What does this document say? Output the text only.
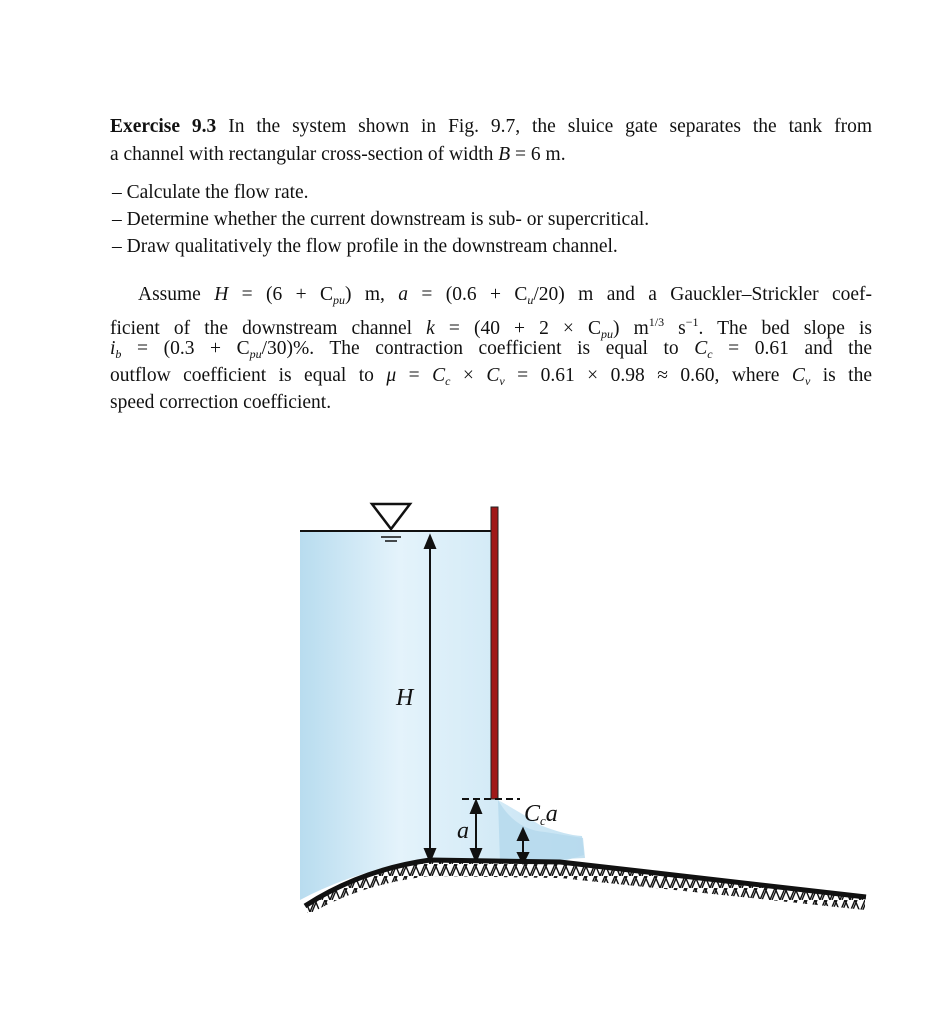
Exercise 9.3 In the system shown in Fig. 9.7, the sluice gate separates the tank from
a channel with rectangular cross-section of width B = 6 m.
Assume $H = (6 + C_{pu})$ m, $a = (0.6 + C_u/20)$ m and a Gauckler–Strickler coef-
ficient of the downstream channel $k = (40 + 2 \times C_{pu})$ $m^{1/3}$ $s^{-1}$. The bed slope is
$i_b = (0.3 + C_{pu}/30)\%$. The contraction coefficient is equal to $C_c = 0.61$ and the
outflow coefficient is equal to $\mu = C_c \times C_v = 0.61 \times 0.98 \approx 0.60$, where $C_v$ is the
speed correction coefficient.
– Calculate the flow rate.
– Determine whether the current downstream is sub- or supercritical.
– Draw qualitatively the flow profile in the downstream channel.
H
a
Cca
